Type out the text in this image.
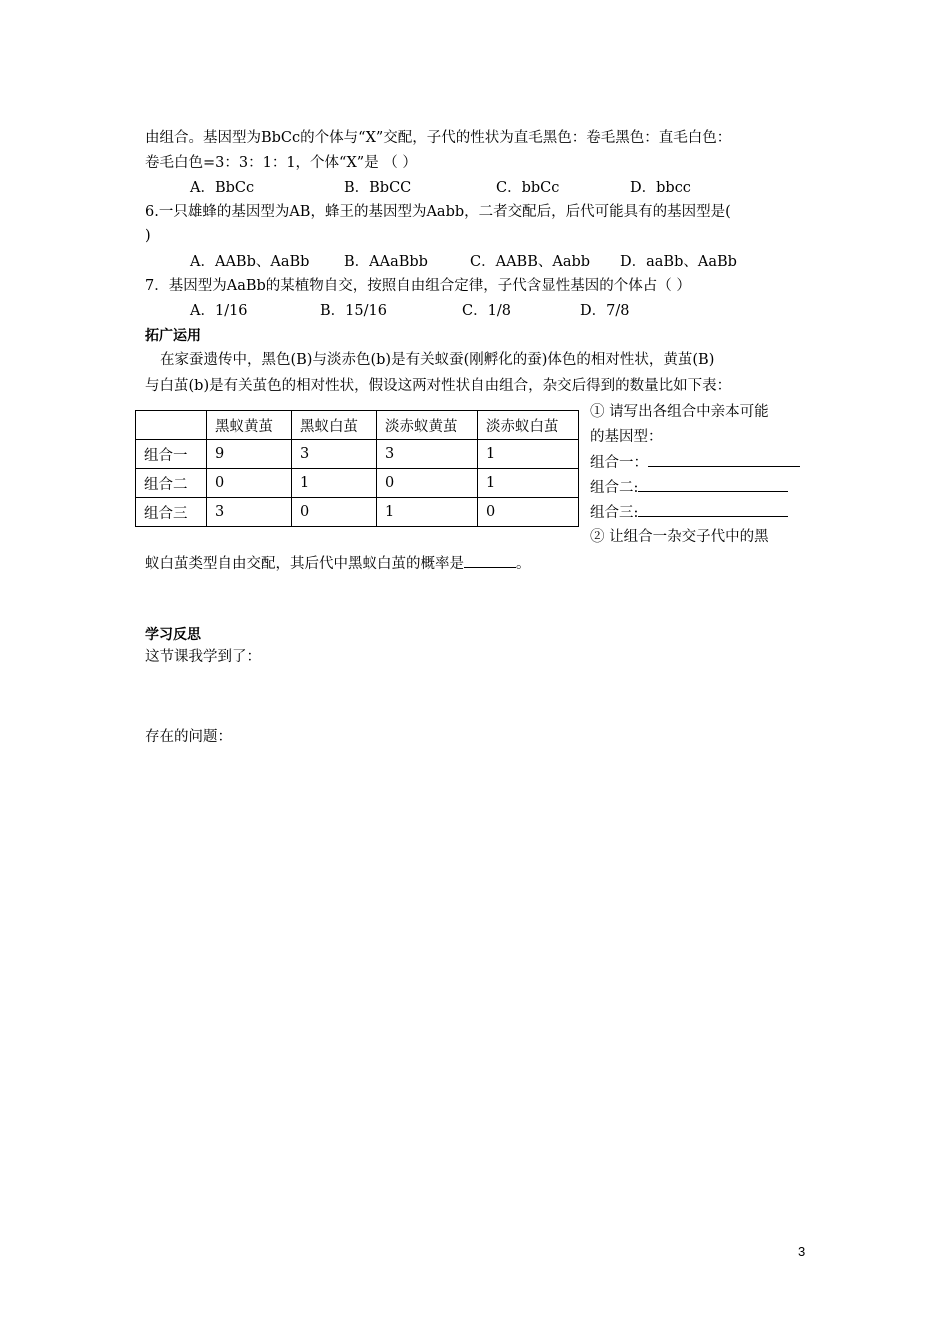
由组合。基因型为BbCc的个体与“X”交配，子代的性状为直毛黑色：卷毛黑色：直毛白色：
卷毛白色=3：3：1：1，个体“X”是 （ ）
A．BbCc	B．BbCC	C．bbCc	D．bbcc
6.一只雄蜂的基因型为AB，蜂王的基因型为Aabb，二者交配后，后代可能具有的基因型是(
)
A．AABb、AaBb B．AAaBbb	C．AABB、Aabb D．aaBb、AaBb
7．基因型为AaBb的某植物自交，按照自由组合定律，子代含显性基因的个体占（ ）
A．1/16	B．15/16	C．1/8	D．7/8
拓广运用
在家蚕遗传中，黑色(B)与淡赤色(b)是有关蚁蚕(刚孵化的蚕)体色的相对性状，黄茧(B)
与白茧(b)是有关茧色的相对性状，假设这两对性状自由组合，杂交后得到的数量比如下表：
	黑蚁黄茧	黑蚁白茧	淡赤蚁黄茧	淡赤蚁白茧
组合一	9	3	3	1
组合二	0	1	0	1
组合三	3	0	1	0
① 请写出各组合中亲本可能
的基因型：
组合一：
组合二:
组合三:
② 让组合一杂交子代中的黑
蚁白茧类型自由交配，其后代中黑蚁白茧的概率是	。
学习反思
这节课我学到了：
存在的问题：
3
